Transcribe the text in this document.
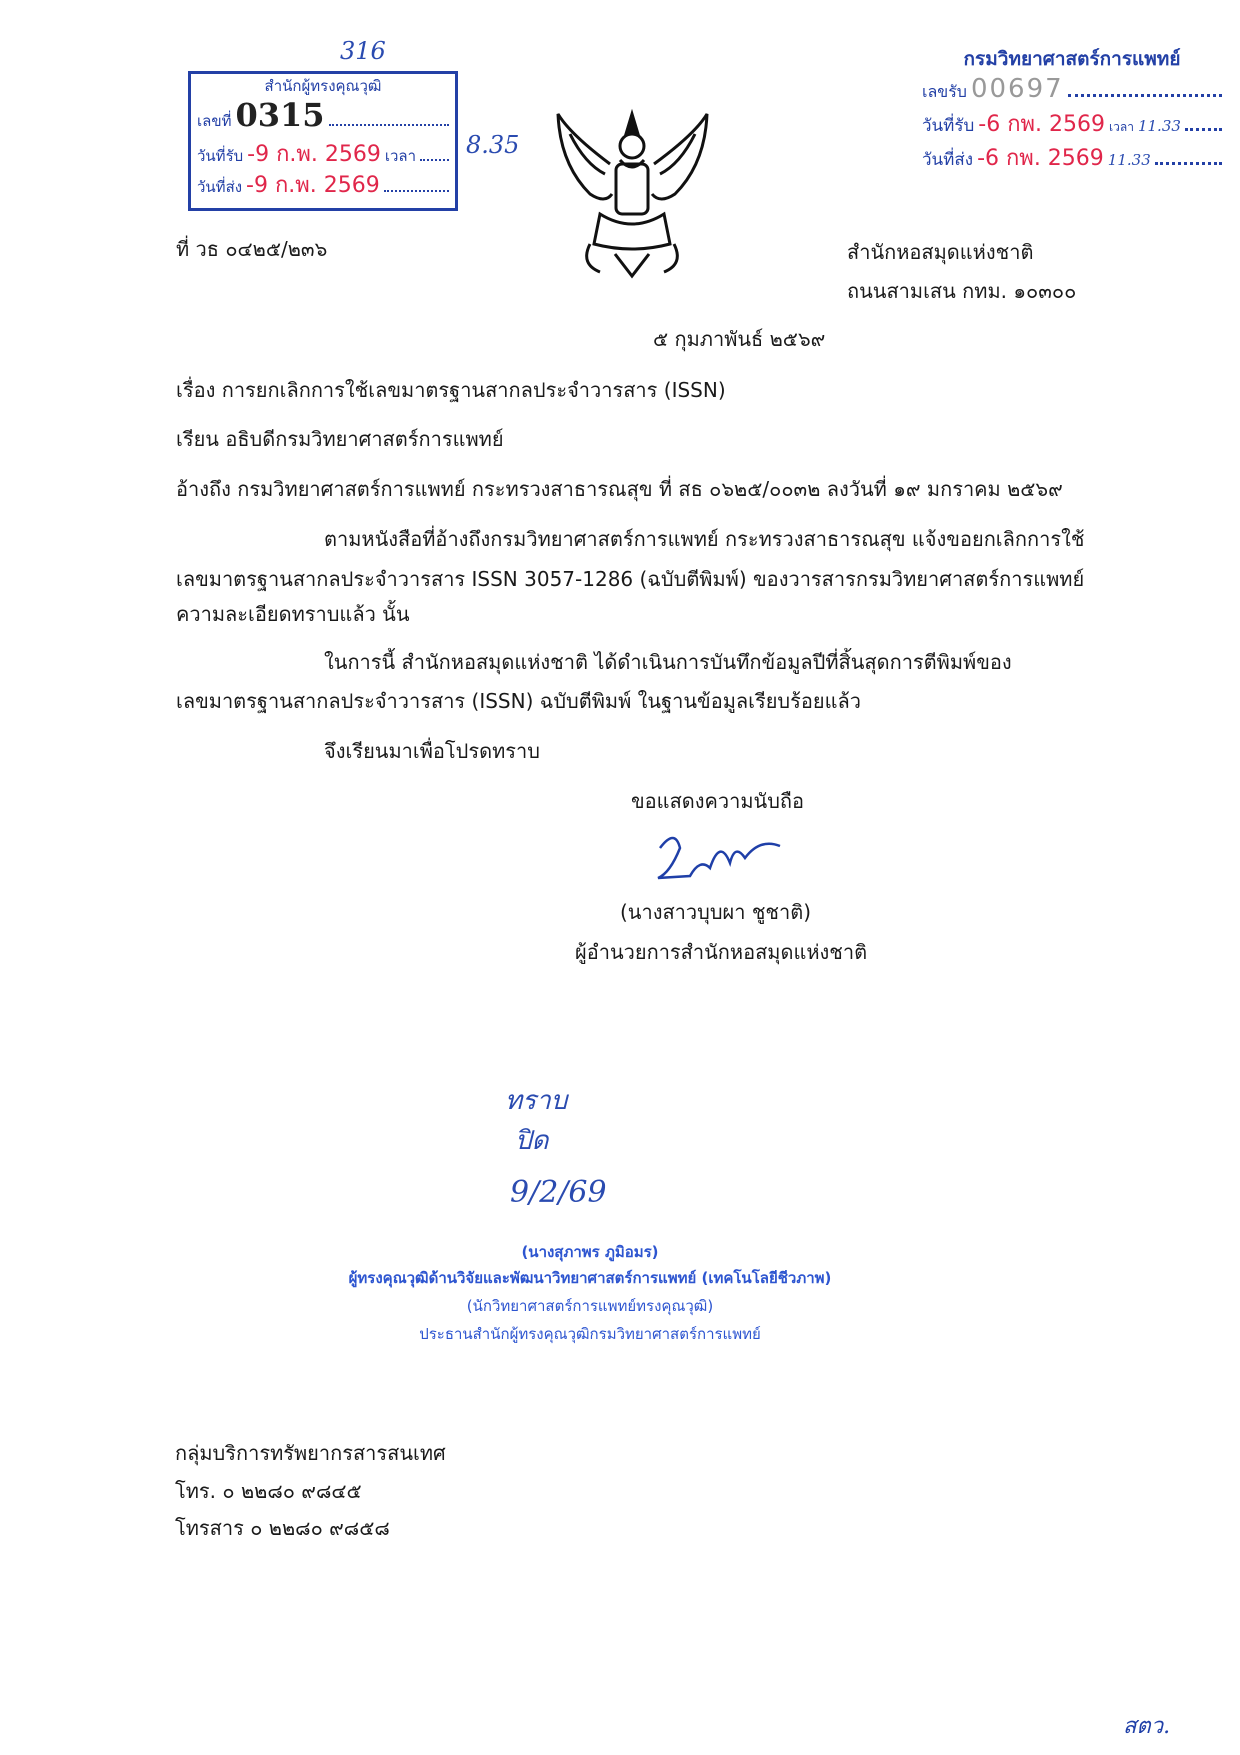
316
สำนักผู้ทรงคุณวุฒิ
เลขที่ 0315
วันที่รับ -9 ก.พ. 2569 เวลา
วันที่ส่ง -9 ก.พ. 2569
8.35
กรมวิทยาศาสตร์การแพทย์
เลขรับ 00697
วันที่รับ -6 กพ. 2569 เวลา 11.33
วันที่ส่ง -6 กพ. 2569 11.33
ที่ วธ ๐๔๒๕/๒๓๖	สำนักหอสมุดแห่งชาติ
ถนนสามเสน กทม. ๑๐๓๐๐
๕ กุมภาพันธ์ ๒๕๖๙
เรื่อง การยกเลิกการใช้เลขมาตรฐานสากลประจำวารสาร (ISSN)
เรียน อธิบดีกรมวิทยาศาสตร์การแพทย์
อ้างถึง กรมวิทยาศาสตร์การแพทย์ กระทรวงสาธารณสุข ที่ สธ ๐๖๒๕/๐๐๓๒ ลงวันที่ ๑๙ มกราคม ๒๕๖๙
ตามหนังสือที่อ้างถึงกรมวิทยาศาสตร์การแพทย์ กระทรวงสาธารณสุข แจ้งขอยกเลิกการใช้
เลขมาตรฐานสากลประจำวารสาร ISSN 3057-1286 (ฉบับตีพิมพ์) ของวารสารกรมวิทยาศาสตร์การแพทย์
ความละเอียดทราบแล้ว นั้น
ในการนี้ สำนักหอสมุดแห่งชาติ ได้ดำเนินการบันทึกข้อมูลปีที่สิ้นสุดการตีพิมพ์ของ
เลขมาตรฐานสากลประจำวารสาร (ISSN) ฉบับตีพิมพ์ ในฐานข้อมูลเรียบร้อยแล้ว
จึงเรียนมาเพื่อโปรดทราบ
ขอแสดงความนับถือ
(นางสาวบุบผา ชูชาติ)
ผู้อำนวยการสำนักหอสมุดแห่งชาติ
ทราบ
ปิด
9/2/69
(นางสุภาพร ภูมิอมร)
ผู้ทรงคุณวุฒิด้านวิจัยและพัฒนาวิทยาศาสตร์การแพทย์ (เทคโนโลยีชีวภาพ)
(นักวิทยาศาสตร์การแพทย์ทรงคุณวุฒิ)
ประธานสำนักผู้ทรงคุณวุฒิกรมวิทยาศาสตร์การแพทย์
กลุ่มบริการทรัพยากรสารสนเทศ
โทร. ๐ ๒๒๘๐ ๙๘๔๕
โทรสาร ๐ ๒๒๘๐ ๙๘๕๘
สตว.
